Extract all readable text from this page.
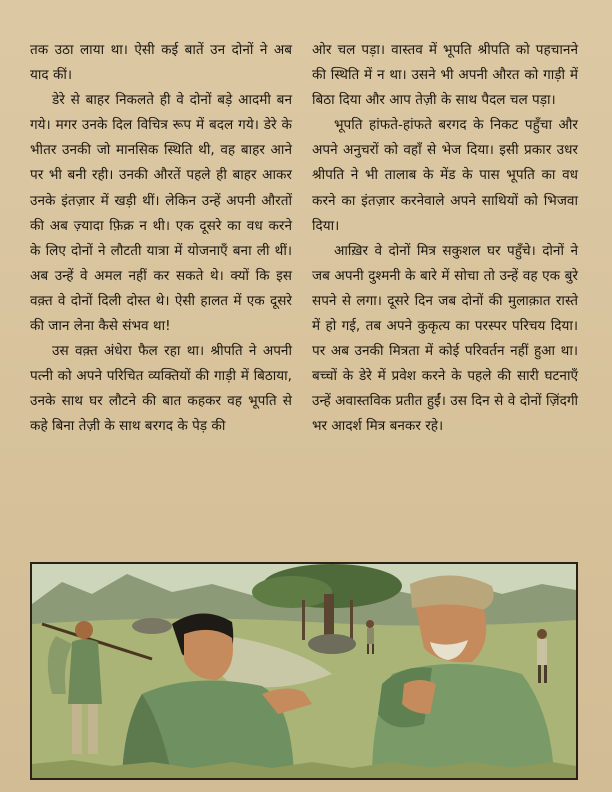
तक उठा लाया था। ऐसी कई बातें उन दोनों ने अब याद कीं।

डेरे से बाहर निकलते ही वे दोनों बड़े आदमी बन गये। मगर उनके दिल विचित्र रूप में बदल गये। डेरे के भीतर उनकी जो मानसिक स्थिति थी, वह बाहर आने पर भी बनी रही। उनकी औरतें पहले ही बाहर आकर उनके इंतज़ार में खड़ी थीं। लेकिन उन्हें अपनी औरतों की अब ज़्यादा फ़िक्र न थी। एक दूसरे का वध करने के लिए दोनों ने लौटती यात्रा में योजनाएँ बना ली थीं। अब उन्हें वे अमल नहीं कर सकते थे। क्यों कि इस वक़्त वे दोनों दिली दोस्त थे। ऐसी हालत में एक दूसरे की जान लेना कैसे संभव था!

उस वक़्त अंधेरा फैल रहा था। श्रीपति ने अपनी पत्नी को अपने परिचित व्यक्तियों की गाड़ी में बिठाया, उनके साथ घर लौटने की बात कहकर वह भूपति से कहे बिना तेज़ी के साथ बरगद के पेड़ की

ओर चल पड़ा। वास्तव में भूपति श्रीपति को पहचानने की स्थिति में न था। उसने भी अपनी औरत को गाड़ी में बिठा दिया और आप तेज़ी के साथ पैदल चल पड़ा।

भूपति हांफते-हांफते बरगद के निकट पहुँचा और अपने अनुचरों को वहाँ से भेज दिया। इसी प्रकार उधर श्रीपति ने भी तालाब के मेंड के पास भूपति का वध करने का इंतज़ार करनेवाले अपने साथियों को भिजवा दिया।

आख़िर वे दोनों मित्र सकुशल घर पहुँचे। दोनों ने जब अपनी दुश्मनी के बारे में सोचा तो उन्हें वह एक बुरे सपने से लगा। दूसरे दिन जब दोनों की मुलाक़ात रास्ते में हो गई, तब अपने कुकृत्य का परस्पर परिचय दिया। पर अब उनकी मित्रता में कोई परिवर्तन नहीं हुआ था। बच्चों के डेरे में प्रवेश करने के पहले की सारी घटनाएँ उन्हें अवास्तविक प्रतीत हुईं। उस दिन से वे दोनों ज़िंदगी भर आदर्श मित्र बनकर रहे।
